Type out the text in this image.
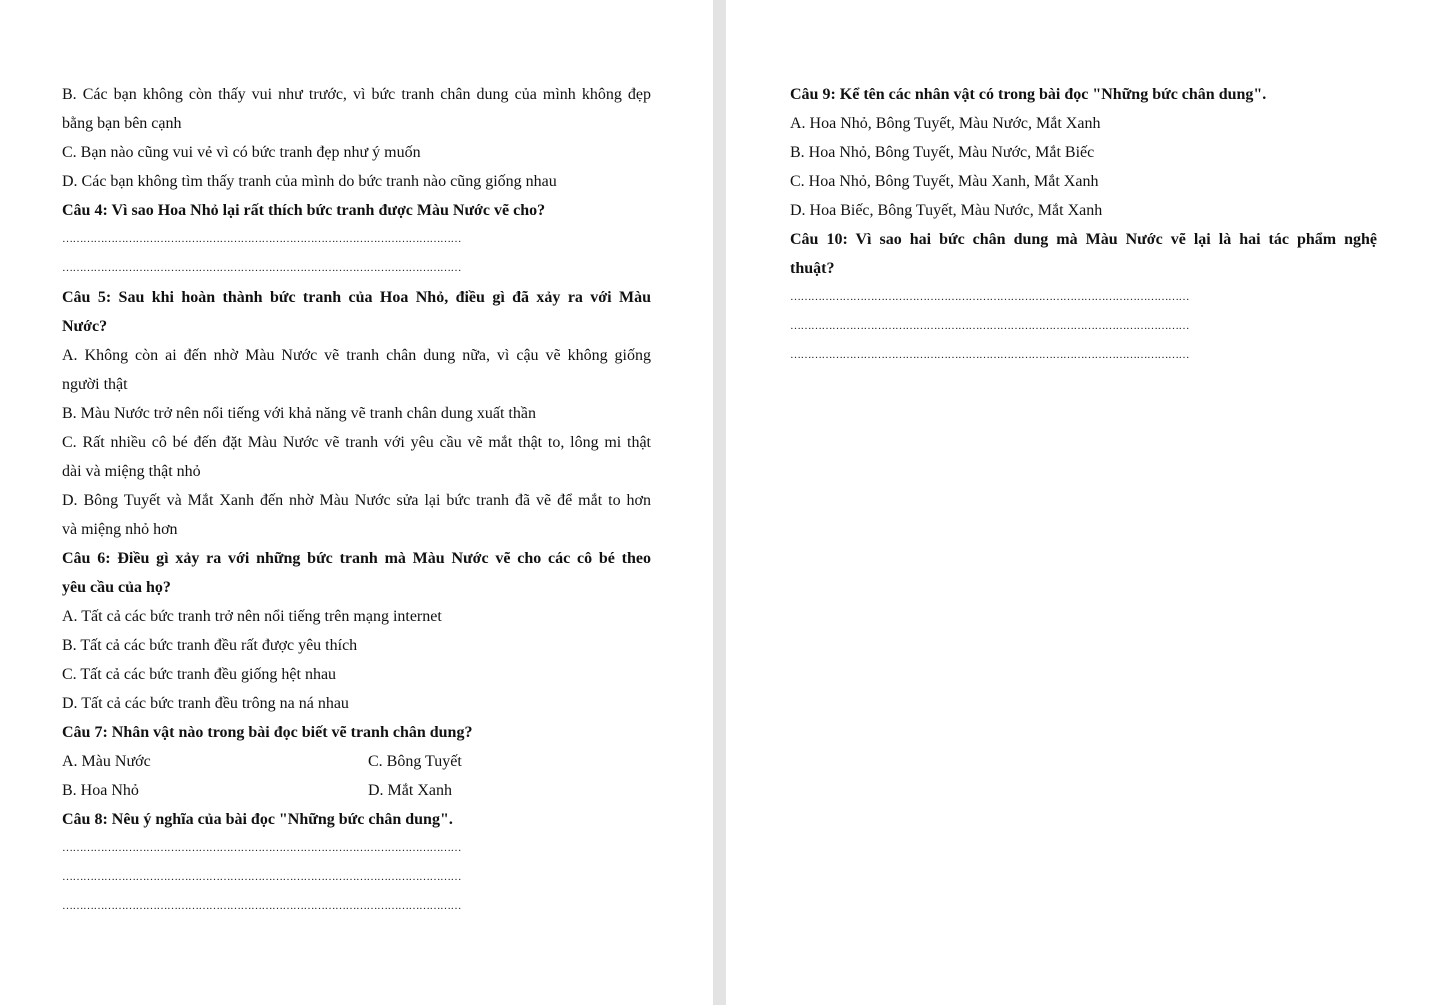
B. Các bạn không còn thấy vui như trước, vì bức tranh chân dung của mình không đẹp
bằng bạn bên cạnh
C. Bạn nào cũng vui vẻ vì có bức tranh đẹp như ý muốn
D. Các bạn không tìm thấy tranh của mình do bức tranh nào cũng giống nhau
Câu 4: Vì sao Hoa Nhỏ lại rất thích bức tranh được Màu Nước vẽ cho?
……………………………………………………………………………………………………
……………………………………………………………………………………………………
Câu 5: Sau khi hoàn thành bức tranh của Hoa Nhỏ, điều gì đã xảy ra với Màu
Nước?
A. Không còn ai đến nhờ Màu Nước vẽ tranh chân dung nữa, vì cậu vẽ không giống
người thật
B. Màu Nước trở nên nổi tiếng với khả năng vẽ tranh chân dung xuất thần
C. Rất nhiều cô bé đến đặt Màu Nước vẽ tranh với yêu cầu vẽ mắt thật to, lông mi thật
dài và miệng thật nhỏ
D. Bông Tuyết và Mắt Xanh đến nhờ Màu Nước sửa lại bức tranh đã vẽ để mắt to hơn
và miệng nhỏ hơn
Câu 6: Điều gì xảy ra với những bức tranh mà Màu Nước vẽ cho các cô bé theo
yêu cầu của họ?
A. Tất cả các bức tranh trở nên nổi tiếng trên mạng internet
B. Tất cả các bức tranh đều rất được yêu thích
C. Tất cả các bức tranh đều giống hệt nhau
D. Tất cả các bức tranh đều trông na ná nhau
Câu 7: Nhân vật nào trong bài đọc biết vẽ tranh chân dung?
A. Màu Nước	C. Bông Tuyết
B. Hoa Nhỏ	D. Mắt Xanh
Câu 8: Nêu ý nghĩa của bài đọc "Những bức chân dung".
……………………………………………………………………………………………………
……………………………………………………………………………………………………
……………………………………………………………………………………………………
Câu 9: Kể tên các nhân vật có trong bài đọc "Những bức chân dung".
A. Hoa Nhỏ, Bông Tuyết, Màu Nước, Mắt Xanh
B. Hoa Nhỏ, Bông Tuyết, Màu Nước, Mắt Biếc
C. Hoa Nhỏ, Bông Tuyết, Màu Xanh, Mắt Xanh
D. Hoa Biếc, Bông Tuyết, Màu Nước, Mắt Xanh
Câu 10: Vì sao hai bức chân dung mà Màu Nước vẽ lại là hai tác phẩm nghệ
thuật?
……………………………………………………………………………………………………
……………………………………………………………………………………………………
……………………………………………………………………………………………………
